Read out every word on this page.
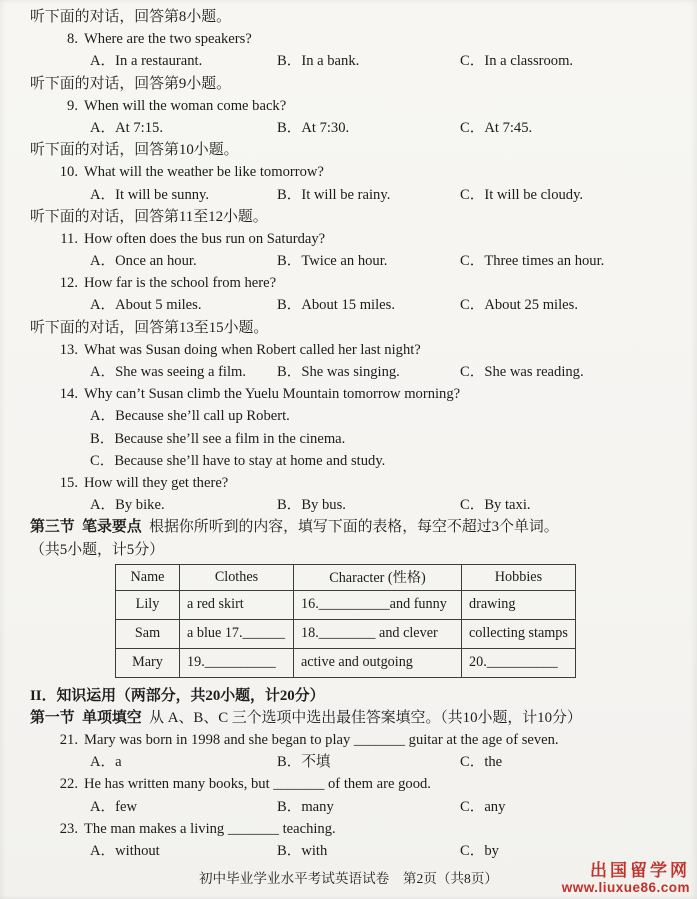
听下面的对话，回答第8小题。
8. Where are the two speakers?
A．In a restaurant.	B．In a bank.	C．In a classroom.
听下面的对话，回答第9小题。
9. When will the woman come back?
A．At 7:15.	B．At 7:30.	C．At 7:45.
听下面的对话，回答第10小题。
10. What will the weather be like tomorrow?
A．It will be sunny.	B．It will be rainy.	C．It will be cloudy.
听下面的对话，回答第11至12小题。
11. How often does the bus run on Saturday?
A．Once an hour.	B．Twice an hour.	C．Three times an hour.
12. How far is the school from here?
A．About 5 miles.	B．About 15 miles.	C．About 25 miles.
听下面的对话，回答第13至15小题。
13. What was Susan doing when Robert called her last night?
A．She was seeing a film. B．She was singing.	C．She was reading.
14. Why can’t Susan climb the Yuelu Mountain tomorrow morning?
A．Because she’ll call up Robert.
B．Because she’ll see a film in the cinema.
C．Because she’ll have to stay at home and study.
15. How will they get there?
A．By bike.	B．By bus.	C．By taxi.
第三节  笔录要点  根据你所听到的内容，填写下面的表格，每空不超过3个单词。
（共5小题，计5分）
Name	Clothes	Character (性格)	Hobbies
Lily	a red skirt	16.__________and funny	drawing
Sam	a blue 17.______	18.________ and clever	collecting stamps
Mary	19.__________	active and outgoing	20.__________
II．知识运用（两部分，共20小题，计20分）
第一节  单项填空  从 A、B、C 三个选项中选出最佳答案填空。（共10小题，计10分）
21. Mary was born in 1998 and she began to play _______ guitar at the age of seven.
A．a	B．不填	C．the
22. He has written many books, but _______ of them are good.
A．few	B．many	C．any
23. The man makes a living _______ teaching.
A．without	B．with	C．by
初中毕业学业水平考试英语试卷　第2页（共8页）	出国留学网
www.liuxue86.com
